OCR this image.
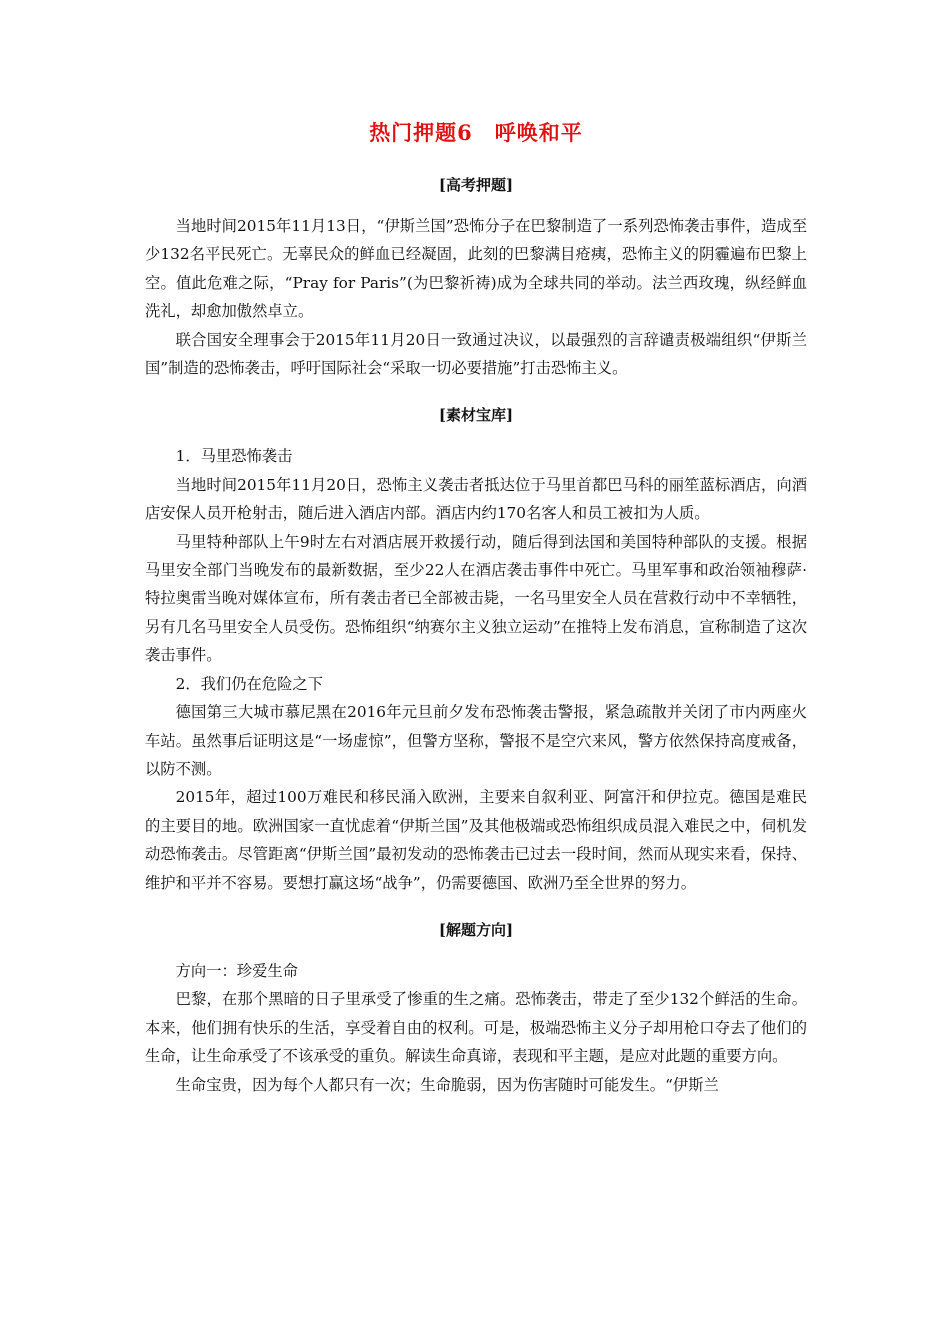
热门押题6　呼唤和平
[高考押题]

当地时间2015年11月13日，“伊斯兰国”恐怖分子在巴黎制造了一系列恐怖袭击事件，造成至少132名平民死亡。无辜民众的鲜血已经凝固，此刻的巴黎满目疮痍，恐怖主义的阴霾遍布巴黎上空。值此危难之际，“Pray for Paris”(为巴黎祈祷)成为全球共同的举动。法兰西玫瑰，纵经鲜血洗礼，却愈加傲然卓立。

联合国安全理事会于2015年11月20日一致通过决议，以最强烈的言辞谴责极端组织“伊斯兰国”制造的恐怖袭击，呼吁国际社会“采取一切必要措施”打击恐怖主义。

[素材宝库]

1．马里恐怖袭击

当地时间2015年11月20日，恐怖主义袭击者抵达位于马里首都巴马科的丽笙蓝标酒店，向酒店安保人员开枪射击，随后进入酒店内部。酒店内约170名客人和员工被扣为人质。

马里特种部队上午9时左右对酒店展开救援行动，随后得到法国和美国特种部队的支援。根据马里安全部门当晚发布的最新数据，至少22人在酒店袭击事件中死亡。马里军事和政治领袖穆萨·特拉奥雷当晚对媒体宣布，所有袭击者已全部被击毙，一名马里安全人员在营救行动中不幸牺牲，另有几名马里安全人员受伤。恐怖组织“纳赛尔主义独立运动”在推特上发布消息，宣称制造了这次袭击事件。

2．我们仍在危险之下

德国第三大城市慕尼黑在2016年元旦前夕发布恐怖袭击警报，紧急疏散并关闭了市内两座火车站。虽然事后证明这是“一场虚惊”，但警方坚称，警报不是空穴来风，警方依然保持高度戒备，以防不测。

2015年，超过100万难民和移民涌入欧洲，主要来自叙利亚、阿富汗和伊拉克。德国是难民的主要目的地。欧洲国家一直忧虑着“伊斯兰国”及其他极端或恐怖组织成员混入难民之中，伺机发动恐怖袭击。尽管距离“伊斯兰国”最初发动的恐怖袭击已过去一段时间，然而从现实来看，保持、维护和平并不容易。要想打赢这场“战争”，仍需要德国、欧洲乃至全世界的努力。

[解题方向]

方向一：珍爱生命

巴黎，在那个黑暗的日子里承受了惨重的生之痛。恐怖袭击，带走了至少132个鲜活的生命。本来，他们拥有快乐的生活，享受着自由的权利。可是，极端恐怖主义分子却用枪口夺去了他们的生命，让生命承受了不该承受的重负。解读生命真谛，表现和平主题，是应对此题的重要方向。

生命宝贵，因为每个人都只有一次；生命脆弱，因为伤害随时可能发生。“伊斯兰
